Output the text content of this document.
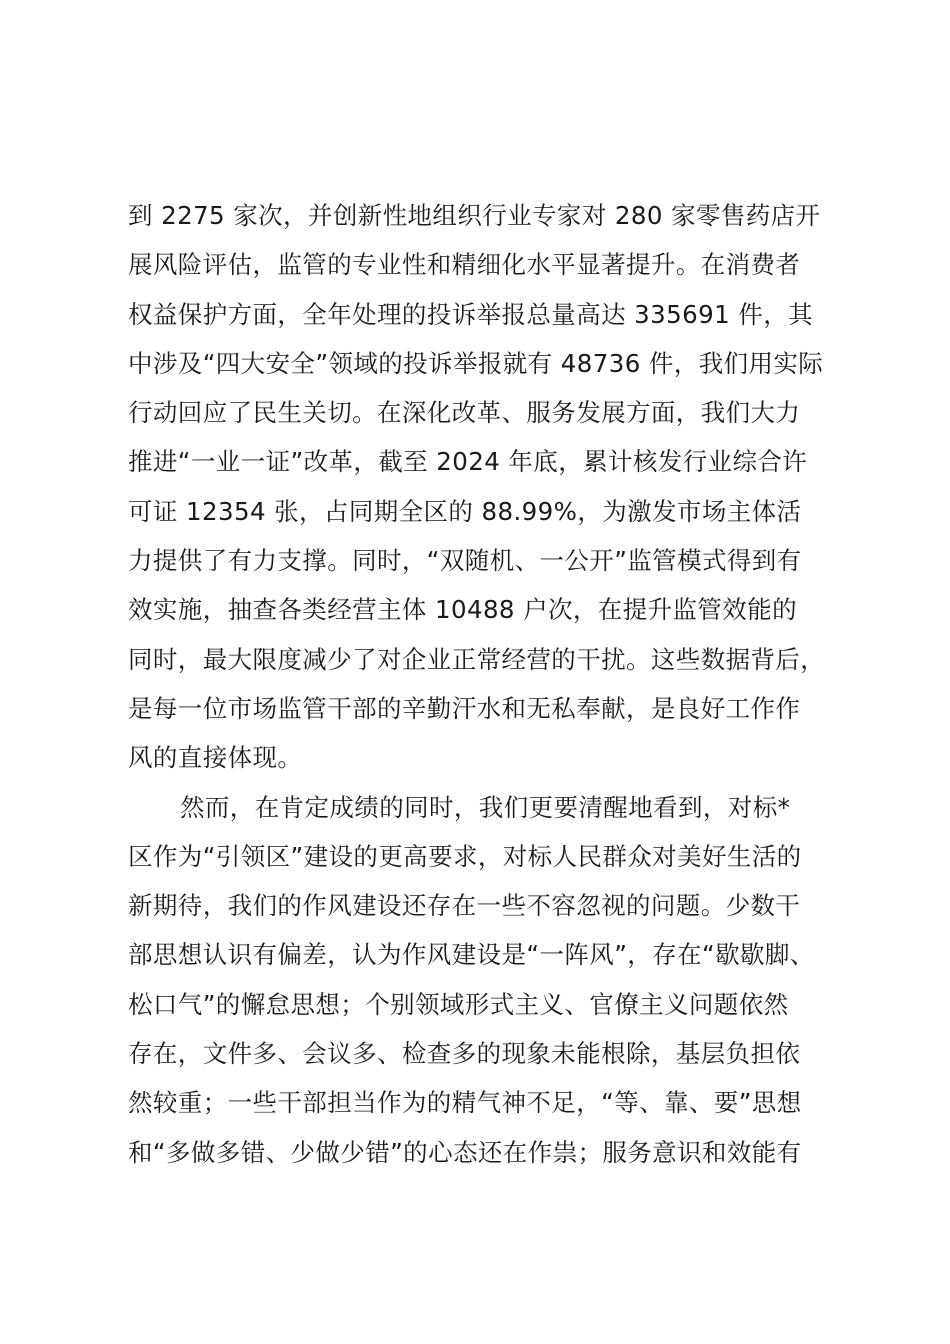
到 2275 家次，并创新性地组织行业专家对 280 家零售药店开
展风险评估，监管的专业性和精细化水平显著提升。在消费者
权益保护方面，全年处理的投诉举报总量高达 335691 件，其
中涉及“四大安全”领域的投诉举报就有 48736 件，我们用实际
行动回应了民生关切。在深化改革、服务发展方面，我们大力
推进“一业一证”改革，截至 2024 年底，累计核发行业综合许
可证 12354 张，占同期全区的 88.99%，为激发市场主体活
力提供了有力支撑。同时，“双随机、一公开”监管模式得到有
效实施，抽查各类经营主体 10488 户次，在提升监管效能的
同时，最大限度减少了对企业正常经营的干扰。这些数据背后，
是每一位市场监管干部的辛勤汗水和无私奉献，是良好工作作
风的直接体现。
然而，在肯定成绩的同时，我们更要清醒地看到，对标*
区作为“引领区”建设的更高要求，对标人民群众对美好生活的
新期待，我们的作风建设还存在一些不容忽视的问题。少数干
部思想认识有偏差，认为作风建设是“一阵风”，存在“歇歇脚、
松口气”的懈怠思想；个别领域形式主义、官僚主义问题依然
存在，文件多、会议多、检查多的现象未能根除，基层负担依
然较重；一些干部担当作为的精气神不足，“等、靠、要”思想
和“多做多错、少做少错”的心态还在作祟；服务意识和效能有
